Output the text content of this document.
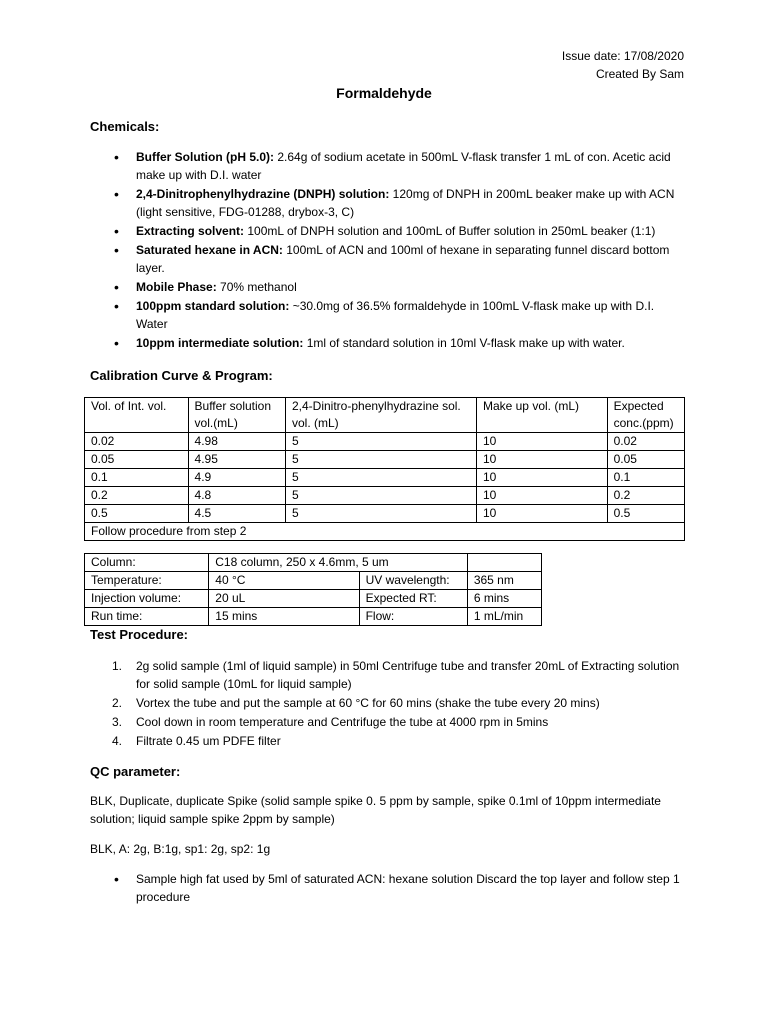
Issue date: 17/08/2020
Created By Sam
Formaldehyde
Chemicals:
• Buffer Solution (pH 5.0): 2.64g of sodium acetate in 500mL V-flask transfer 1 mL of con. Acetic acid make up with D.I. water
• 2,4-Dinitrophenylhydrazine (DNPH) solution: 120mg of DNPH in 200mL beaker make up with ACN (light sensitive, FDG-01288, drybox-3, C)
• Extracting solvent: 100mL of DNPH solution and 100mL of Buffer solution in 250mL beaker (1:1)
• Saturated hexane in ACN: 100mL of ACN and 100ml of hexane in separating funnel discard bottom layer.
• Mobile Phase: 70% methanol
• 100ppm standard solution: ~30.0mg of 36.5% formaldehyde in 100mL V-flask make up with D.I. Water
• 10ppm intermediate solution: 1ml of standard solution in 10ml V-flask make up with water.
Calibration Curve & Program:
Vol. of Int. vol.	Buffer solution vol.(mL)	2,4-Dinitro-phenylhydrazine sol. vol. (mL)	Make up vol. (mL)	Expected conc.(ppm)
0.02	4.98	5	10	0.02
0.05	4.95	5	10	0.05
0.1	4.9	5	10	0.1
0.2	4.8	5	10	0.2
0.5	4.5	5	10	0.5
Follow procedure from step 2				
Column:	C18 column, 250 x 4.6mm, 5 um		
Temperature:	40 °C	UV wavelength:	365 nm
Injection volume:	20 uL	Expected RT:	6 mins
Run time:	15 mins	Flow:	1 mL/min
Test Procedure:
1. 2g solid sample (1ml of liquid sample) in 50ml Centrifuge tube and transfer 20mL of Extracting solution for solid sample (10mL for liquid sample)
2. Vortex the tube and put the sample at 60 °C for 60 mins (shake the tube every 20 mins)
3. Cool down in room temperature and Centrifuge the tube at 4000 rpm in 5mins
4. Filtrate 0.45 um PDFE filter
QC parameter:
BLK, Duplicate, duplicate Spike (solid sample spike 0. 5 ppm by sample, spike 0.1ml of 10ppm intermediate solution; liquid sample spike 2ppm by sample)
BLK, A: 2g, B:1g, sp1: 2g, sp2: 1g
• Sample high fat used by 5ml of saturated ACN: hexane solution Discard the top layer and follow step 1 procedure
